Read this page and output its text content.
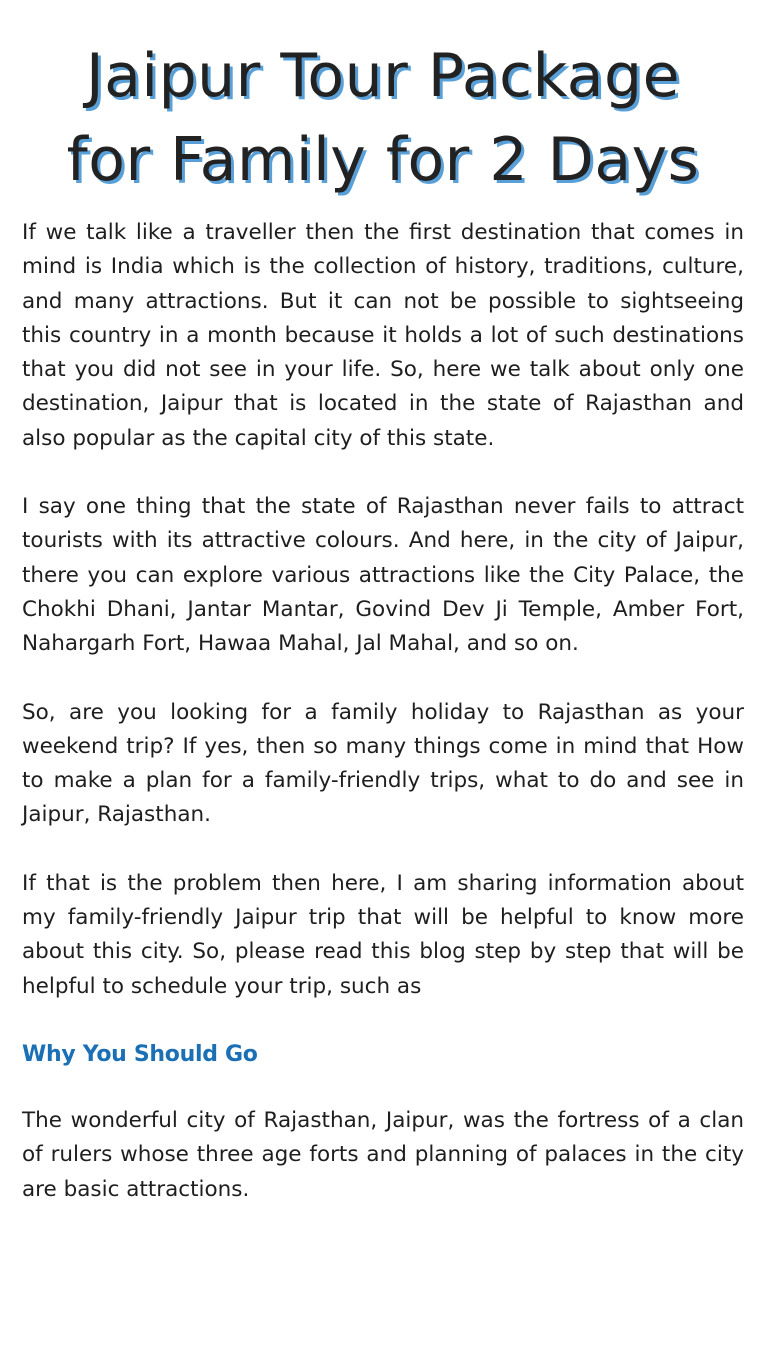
Jaipur Tour Package
for Family for 2 Days

If we talk like a traveller then the first destination that comes in mind is India which is the collection of history, traditions, culture, and many attractions. But it can not be possible to sightseeing this country in a month because it holds a lot of such destinations that you did not see in your life. So, here we talk about only one destination, Jaipur that is located in the state of Rajasthan and also popular as the capital city of this state.

I say one thing that the state of Rajasthan never fails to attract tourists with its attractive colours. And here, in the city of Jaipur, there you can explore various attractions like the City Palace, the Chokhi Dhani, Jantar Mantar, Govind Dev Ji Temple, Amber Fort, Nahargarh Fort, Hawaa Mahal, Jal Mahal, and so on.

So, are you looking for a family holiday to Rajasthan as your weekend trip? If yes, then so many things come in mind that How to make a plan for a family-friendly trips, what to do and see in Jaipur, Rajasthan.

If that is the problem then here, I am sharing information about my family-friendly Jaipur trip that will be helpful to know more about this city. So, please read this blog step by step that will be helpful to schedule your trip, such as

Why You Should Go

The wonderful city of Rajasthan, Jaipur, was the fortress of a clan of rulers whose three age forts and planning of palaces in the city are basic attractions.
